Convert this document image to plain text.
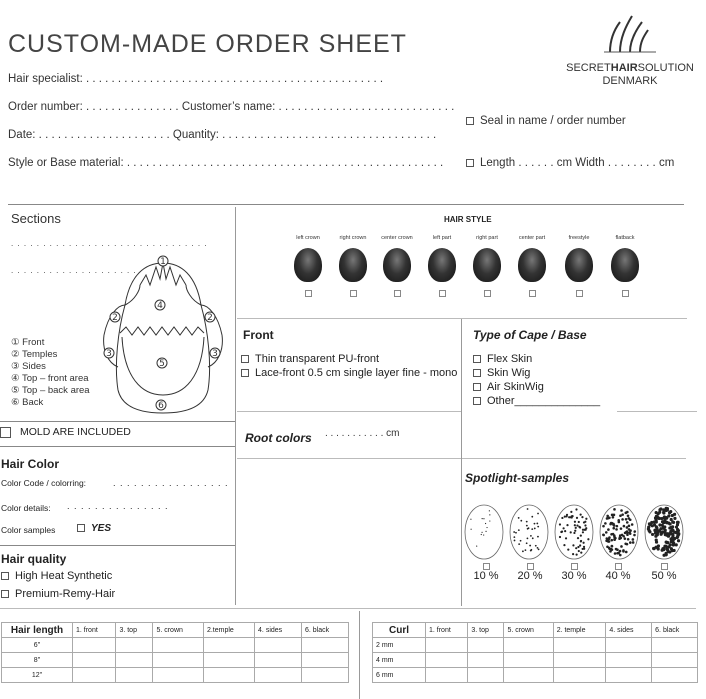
CUSTOM-MADE ORDER SHEET
Hair specialist: . . . . . . . . . . . . . . . . . . . . . . . . . . . . . . . . . . . . . . . . . . . . . . .
Order number: . . . . . . . . . . . . . . . Customer’s name: . . . . . . . . . . . . . . . . . . . . . . . . . . . .
Date: . . . . . . . . . . . . . . . . . . . . . Quantity: . . . . . . . . . . . . . . . . . . . . . . . . . . . . . . . . . .
Style or Base material: . . . . . . . . . . . . . . . . . . . . . . . . . . . . . . . . . . . . . . . . . . . . . . . . . .
Seal in name / order number
Length . . . . . . cm Width . . . . . . . . cm
SECRETHAIRSOLUTION
DENMARK
Sections
. . . . . . . . . . . . . . . . . . . . . . . . . . . . . . .
. . . . . . . . . . . . . . . . . . . .
1
2	2
4
3	3
5
6
① Front
② Temples
③ Sides
④ Top – front area
⑤ Top – back area
⑥ Back
MOLD ARE INCLUDED
HAIR STYLE
left crown	right crown	center crown	left part	right part	center part	freestyle	flatback
Front
Thin transparent PU-front
Lace-front 0.5 cm single layer fine - mono
Type of Cape / Base
Flex Skin
Skin Wig
Air SkinWig
Other______________
Root colors . . . . . . . . . . . cm
Hair Color
Color Code / colorring:	. . . . . . . . . . . . . . . . .
Color details: . . . . . . . . . . . . . . .
Color samples	YES
Spotlight-samples
10 %	20 %	30 %	40 %	50 %
Hair quality
High Heat Synthetic
Premium-Remy-Hair
Hair length	1. front	3. top	5. crown	2.temple	4. sides	6. black
6"						
8"						
12"						
Curl	1. front	3. top	5. crown	2. temple	4. sides	6. black
2 mm						
4 mm						
6 mm						
